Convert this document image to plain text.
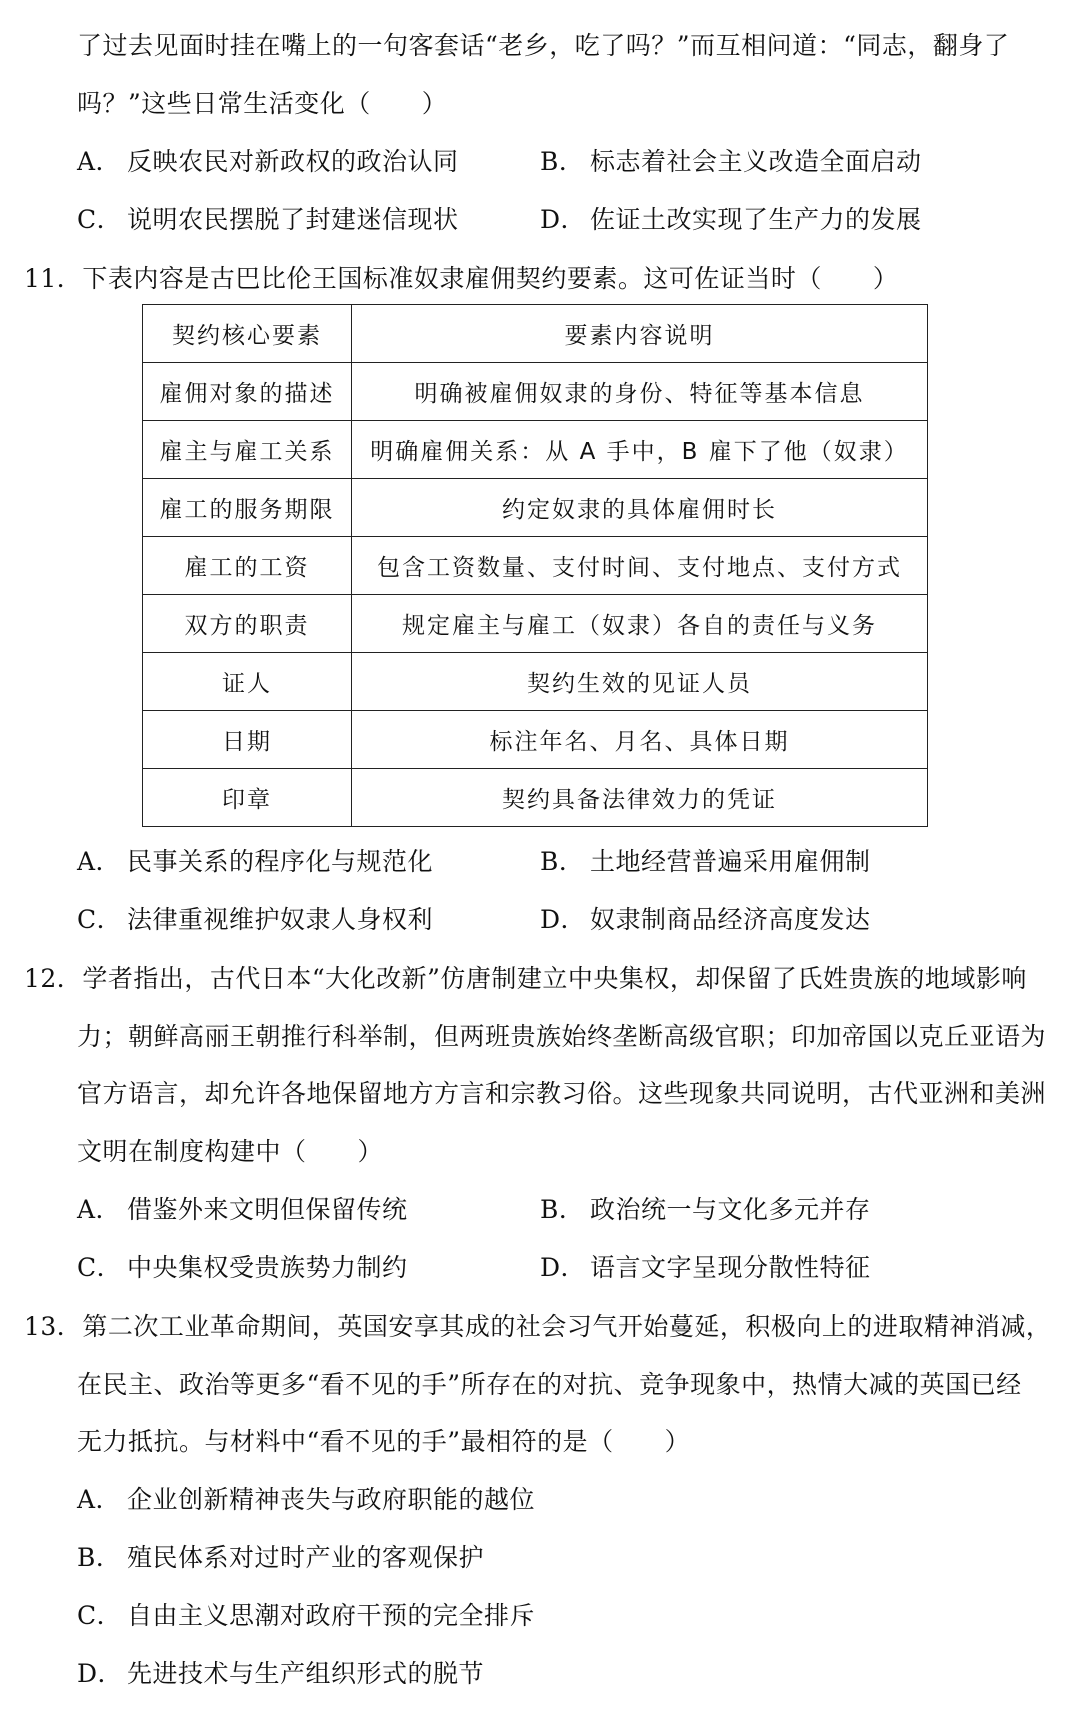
了过去见面时挂在嘴上的一句客套话“老乡，吃了吗？”而互相问道：“同志，翻身了
吗？”这些日常生活变化（　　）
A． 反映农民对新政权的政治认同	B． 标志着社会主义改造全面启动
C． 说明农民摆脱了封建迷信现状	D． 佐证土改实现了生产力的发展
11．下表内容是古巴比伦王国标准奴隶雇佣契约要素。这可佐证当时（　　）
契约核心要素	要素内容说明
雇佣对象的描述	明确被雇佣奴隶的身份、特征等基本信息
雇主与雇工关系	明确雇佣关系：从 A 手中，B 雇下了他（奴隶）
雇工的服务期限	约定奴隶的具体雇佣时长
雇工的工资	包含工资数量、支付时间、支付地点、支付方式
双方的职责	规定雇主与雇工（奴隶）各自的责任与义务
证人	契约生效的见证人员
日期	标注年名、月名、具体日期
印章	契约具备法律效力的凭证
A． 民事关系的程序化与规范化	B． 土地经营普遍采用雇佣制
C． 法律重视维护奴隶人身权利	D． 奴隶制商品经济高度发达
12．学者指出，古代日本“大化改新”仿唐制建立中央集权，却保留了氏姓贵族的地域影响
力；朝鲜高丽王朝推行科举制，但两班贵族始终垄断高级官职；印加帝国以克丘亚语为
官方语言，却允许各地保留地方方言和宗教习俗。这些现象共同说明，古代亚洲和美洲
文明在制度构建中（　　）
A． 借鉴外来文明但保留传统	B． 政治统一与文化多元并存
C． 中央集权受贵族势力制约	D． 语言文字呈现分散性特征
13．第二次工业革命期间，英国安享其成的社会习气开始蔓延，积极向上的进取精神消减，
在民主、政治等更多“看不见的手”所存在的对抗、竞争现象中，热情大减的英国已经
无力抵抗。与材料中“看不见的手”最相符的是（　　）
A． 企业创新精神丧失与政府职能的越位
B． 殖民体系对过时产业的客观保护
C． 自由主义思潮对政府干预的完全排斥
D． 先进技术与生产组织形式的脱节
